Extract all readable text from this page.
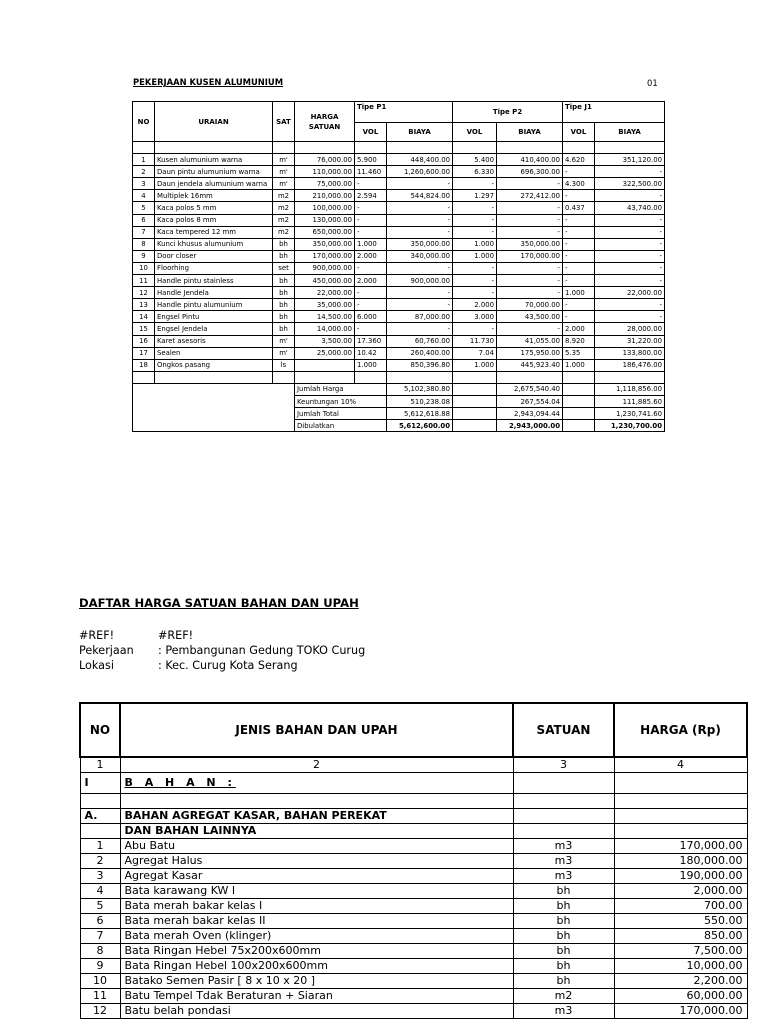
PEKERJAAN KUSEN ALUMUNIUM	01
NO	URAIAN	SAT	HARGA SATUAN	Tipe P1		Tipe P2		Tipe J1	
				VOL	BIAYA	VOL	BIAYA	VOL	BIAYA

1	Kusen alumunium warna	m'	76,000.00	5.900	448,400.00	5.400	410,400.00	4.620	351,120.00
2	Daun pintu alumunium warna	m'	110,000.00	11.460	1,260,600.00	6.330	696,300.00	-	-
3	Daun jendela alumunium warna	m'	75,000.00	-	-	-	-	4.300	322,500.00
4	Multiplek 16mm	m2	210,000.00	2.594	544,824.00	1.297	272,412.00	-	-
5	Kaca polos 5 mm	m2	100,000.00	-	-	-	-	0.437	43,740.00
6	Kaca polos 8 mm	m2	130,000.00	-	-	-	-	-	-
7	Kaca tempered 12 mm	m2	650,000.00	-	-	-	-	-	-
8	Kunci khusus alumunium	bh	350,000.00	1.000	350,000.00	1.000	350,000.00	-	-
9	Door closer	bh	170,000.00	2.000	340,000.00	1.000	170,000.00	-	-
10	Floorhing	set	900,000.00	-	-	-	-	-	-
11	Handle pintu stainless	bh	450,000.00	2.000	900,000.00	-	-	-	-
12	Handle Jendela	bh	22,000.00	-	-	-	-	1.000	22,000.00
13	Handle pintu alumunium	bh	35,000.00	-	-	2.000	70,000.00	-	-
14	Engsel Pintu	bh	14,500.00	6.000	87,000.00	3.000	43,500.00	-	-
15	Engsel Jendela	bh	14,000.00	-	-	-	-	2.000	28,000.00
16	Karet asesoris	m'	3,500.00	17.360	60,760.00	11.730	41,055.00	8.920	31,220.00
17	Sealen	m'	25,000.00	10.42	260,400.00	7.04	175,950.00	5.35	133,800.00
18	Ongkos pasang	ls		1.000	850,396.80	1.000	445,923.40	1.000	186,476.00

			Jumlah Harga		5,102,380.80		2,675,540.40		1,118,856.00
			Keuntungan 10%		510,238.08		267,554.04		111,885.60
			Jumlah Total		5,612,618.88		2,943,094.44		1,230,741.60
			Dibulatkan		5,612,600.00		2,943,000.00		1,230,700.00
DAFTAR HARGA SATUAN BAHAN DAN UPAH
#REF!	#REF!
Pekerjaan : Pembangunan Gedung TOKO Curug
Lokasi	: Kec. Curug Kota Serang
NO	JENIS BAHAN DAN UPAH	SATUAN	HARGA (Rp)
1	2	3	4
I	B A H A N :		

A.	BAHAN AGREGAT KASAR, BAHAN PEREKAT		
	DAN BAHAN LAINNYA		
1	Abu Batu	m3	170,000.00
2	Agregat Halus	m3	180,000.00
3	Agregat Kasar	m3	190,000.00
4	Bata karawang KW I	bh	2,000.00
5	Bata merah bakar kelas I	bh	700.00
6	Bata merah bakar kelas II	bh	550.00
7	Bata merah Oven (klinger)	bh	850.00
8	Bata Ringan Hebel 75x200x600mm	bh	7,500.00
9	Bata Ringan Hebel 100x200x600mm	bh	10,000.00
10	Batako Semen Pasir [ 8 x 10 x 20 ]	bh	2,200.00
11	Batu Tempel Tdak Beraturan + Siaran	m2	60,000.00
12	Batu belah pondasi	m3	170,000.00
